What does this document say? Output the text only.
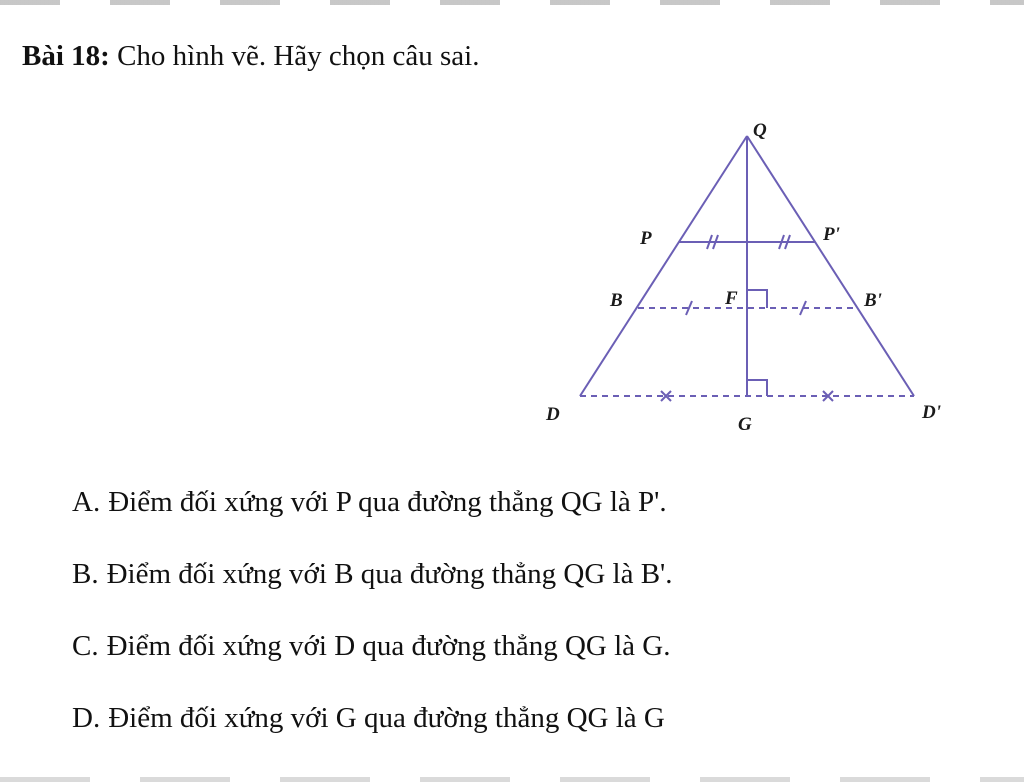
Bài 18: Cho hình vẽ. Hãy chọn câu sai.
Q
P	P'
B	F	B'
D	G
D'
A. Điểm đối xứng với P qua đường thẳng QG là P'.
B. Điểm đối xứng với B qua đường thẳng QG là B'.
C. Điểm đối xứng với D qua đường thẳng QG là G.
D. Điểm đối xứng với G qua đường thẳng QG là G
